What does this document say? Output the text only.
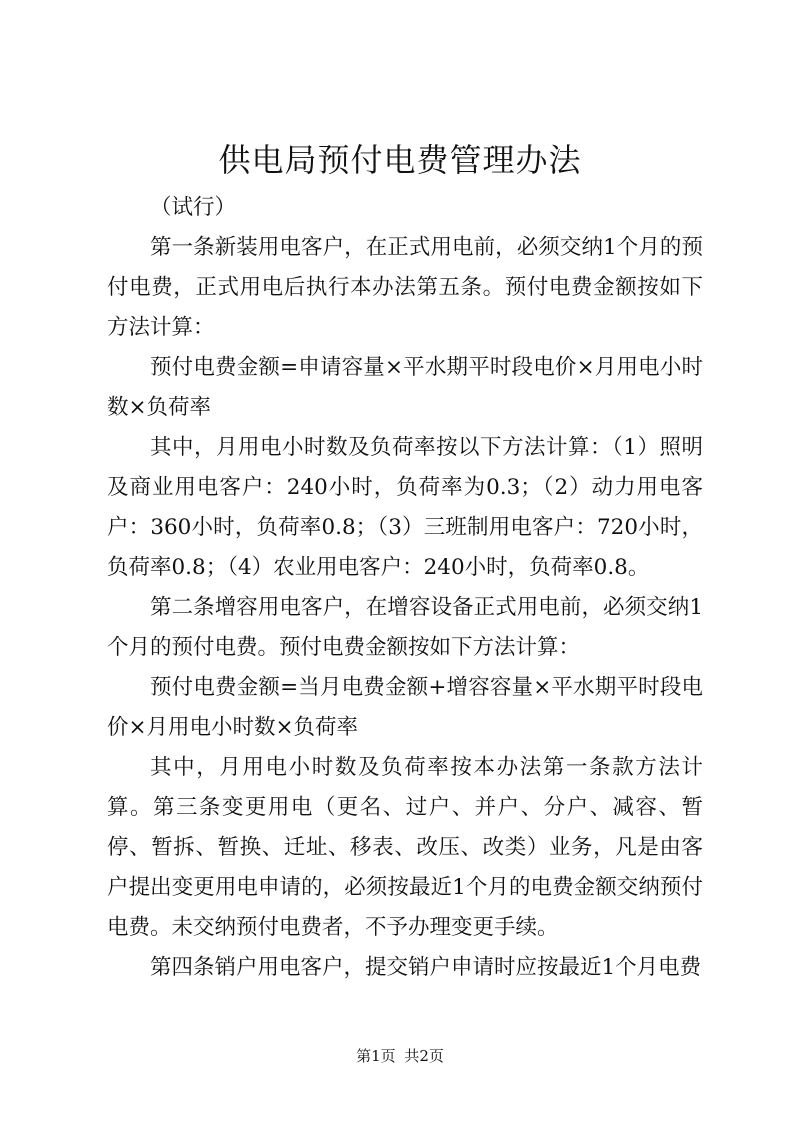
供电局预付电费管理办法

（试行）

第一条新装用电客户，在正式用电前，必须交纳1个月的预付电费，正式用电后执行本办法第五条。预付电费金额按如下方法计算：

预付电费金额=申请容量×平水期平时段电价×月用电小时数×负荷率

其中，月用电小时数及负荷率按以下方法计算：（1）照明及商业用电客户：240小时，负荷率为0.3；（2）动力用电客户：360小时，负荷率0.8；（3）三班制用电客户：720小时，负荷率0.8；（4）农业用电客户：240小时，负荷率0.8。

第二条增容用电客户，在增容设备正式用电前，必须交纳1个月的预付电费。预付电费金额按如下方法计算：

预付电费金额=当月电费金额+增容容量×平水期平时段电价×月用电小时数×负荷率

其中，月用电小时数及负荷率按本办法第一条款方法计算。第三条变更用电（更名、过户、并户、分户、减容、暂停、暂拆、暂换、迁址、移表、改压、改类）业务，凡是由客户提出变更用电申请的，必须按最近1个月的电费金额交纳预付电费。未交纳预付电费者，不予办理变更手续。

第四条销户用电客户，提交销户申请时应按最近1个月电费

第1页 共2页
